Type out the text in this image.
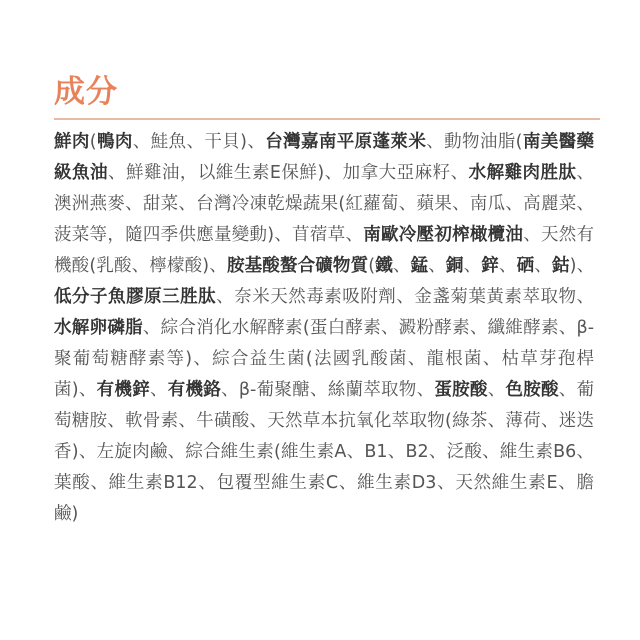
成分

鮮肉(鴨肉、鮭魚、干貝)、台灣嘉南平原蓬萊米、動物油脂(南美醫藥級魚油、鮮雞油，以維生素E保鮮)、加拿大亞麻籽、水解雞肉胜肽、澳洲燕麥、甜菜、台灣冷凍乾燥蔬果(紅蘿蔔、蘋果、南瓜、高麗菜、菠菜等，隨四季供應量變動)、苜蓿草、南歐冷壓初榨橄欖油、天然有機酸(乳酸、檸檬酸)、胺基酸螯合礦物質(鐵、錳、銅、鋅、硒、鈷)、低分子魚膠原三胜肽、奈米天然毒素吸附劑、金盞菊葉黃素萃取物、水解卵磷脂、綜合消化水解酵素(蛋白酵素、澱粉酵素、纖維酵素、β-聚葡萄糖酵素等)、綜合益生菌(法國乳酸菌、龍根菌、枯草芽孢桿菌)、有機鋅、有機鉻、β-葡聚醣、絲蘭萃取物、蛋胺酸、色胺酸、葡萄糖胺、軟骨素、牛磺酸、天然草本抗氧化萃取物(綠茶、薄荷、迷迭香)、左旋肉鹼、綜合維生素(維生素A、B1、B2、泛酸、維生素B6、葉酸、維生素B12、包覆型維生素C、維生素D3、天然維生素E、膽鹼)
